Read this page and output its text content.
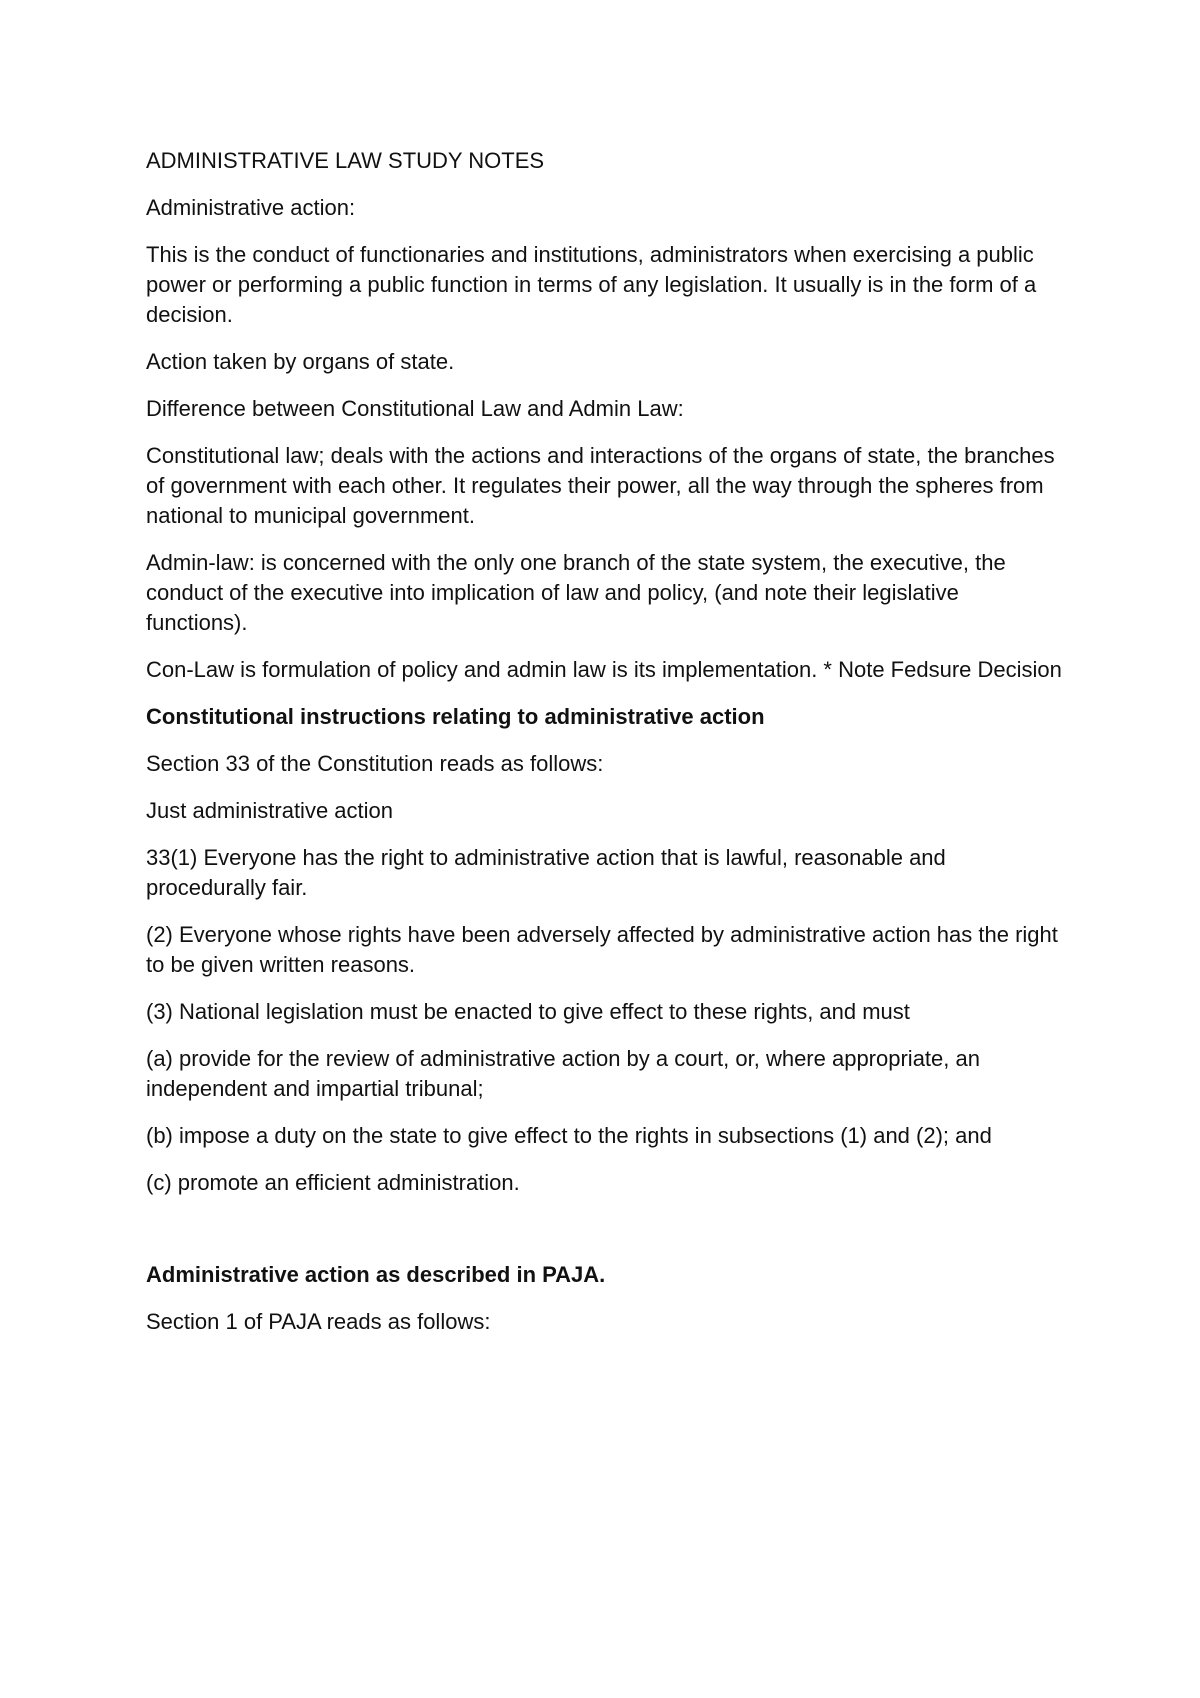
ADMINISTRATIVE LAW STUDY NOTES

Administrative action:

This is the conduct of functionaries and institutions, administrators when exercising a public power or performing a public function in terms of any legislation. It usually is in the form of a decision.

Action taken by organs of state.

Difference between Constitutional Law and Admin Law:

Constitutional law; deals with the actions and interactions of the organs of state, the branches of government with each other. It regulates their power, all the way through the spheres from national to municipal government.

Admin-law: is concerned with the only one branch of the state system, the executive, the conduct of the executive into implication of law and policy, (and note their legislative functions).

Con-Law is formulation of policy and admin law is its implementation. * Note Fedsure Decision

Constitutional instructions relating to administrative action

Section 33 of the Constitution reads as follows:

Just administrative action

33(1) Everyone has the right to administrative action that is lawful, reasonable and procedurally fair.

(2) Everyone whose rights have been adversely affected by administrative action has the right to be given written reasons.

(3) National legislation must be enacted to give effect to these rights, and must

(a) provide for the review of administrative action by a court, or, where appropriate, an independent and impartial tribunal;

(b) impose a duty on the state to give effect to the rights in subsections (1) and (2); and

(c) promote an efficient administration.

Administrative action as described in PAJA.

Section 1 of PAJA reads as follows:
